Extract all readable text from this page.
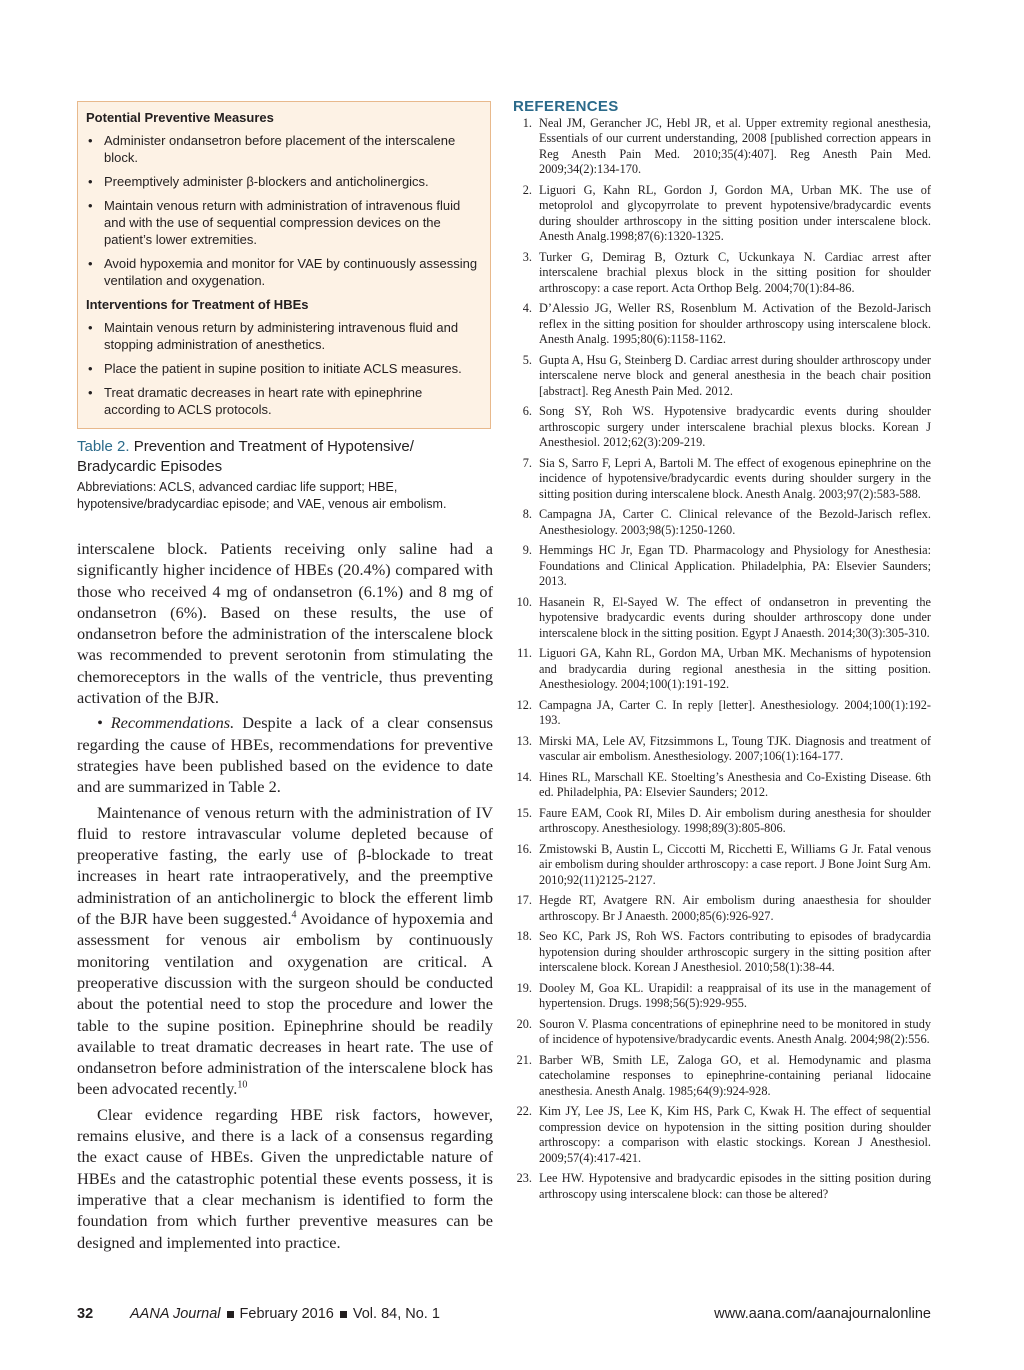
Potential Preventive Measures
• Administer ondansetron before placement of the interscalene block.
• Preemptively administer β-blockers and anticholinergics.
• Maintain venous return with administration of intravenous fluid and with the use of sequential compression devices on the patient’s lower extremities.
• Avoid hypoxemia and monitor for VAE by continuously assessing ventilation and oxygenation.
Interventions for Treatment of HBEs
• Maintain venous return by administering intravenous fluid and stopping administration of anesthetics.
• Place the patient in supine position to initiate ACLS measures.
• Treat dramatic decreases in heart rate with epinephrine according to ACLS protocols.
Table 2. Prevention and Treatment of Hypotensive/ Bradycardic Episodes
Abbreviations: ACLS, advanced cardiac life support; HBE, hypotensive/bradycardiac episode; and VAE, venous air embolism.

interscalene block. Patients receiving only saline had a significantly higher incidence of HBEs (20.4%) compared with those who received 4 mg of ondansetron (6.1%) and 8 mg of ondansetron (6%). Based on these results, the use of ondansetron before the administration of the interscalene block was recommended to prevent serotonin from stimulating the chemoreceptors in the walls of the ventricle, thus preventing activation of the BJR.

• Recommendations. Despite a lack of a clear consensus regarding the cause of HBEs, recommendations for preventive strategies have been published based on the evidence to date and are summarized in Table 2.

Maintenance of venous return with the administration of IV fluid to restore intravascular volume depleted because of preoperative fasting, the early use of β-blockade to treat increases in heart rate intraoperatively, and the preemptive administration of an anticholinergic to block the efferent limb of the BJR have been suggested.$^4$ Avoidance of hypoxemia and assessment for venous air embolism by continuously monitoring ventilation and oxygenation are critical. A preoperative discussion with the surgeon should be conducted about the potential need to stop the procedure and lower the table to the supine position. Epinephrine should be readily available to treat dramatic decreases in heart rate. The use of ondansetron before administration of the interscalene block has been advocated recently.$^{10}$

Clear evidence regarding HBE risk factors, however, remains elusive, and there is a lack of a consensus regarding the exact cause of HBEs. Given the unpredictable nature of HBEs and the catastrophic potential these events possess, it is imperative that a clear mechanism is identified to form the foundation from which further preventive measures can be designed and implemented into practice.

REFERENCES
1. Neal JM, Gerancher JC, Hebl JR, et al. Upper extremity regional anesthesia, Essentials of our current understanding, 2008 [published correction appears in Reg Anesth Pain Med. 2010;35(4):407]. Reg Anesth Pain Med. 2009;34(2):134-170.
2. Liguori G, Kahn RL, Gordon J, Gordon MA, Urban MK. The use of metoprolol and glycopyrrolate to prevent hypotensive/bradycardic events during shoulder arthroscopy in the sitting position under interscalene block. Anesth Analg.1998;87(6):1320-1325.
3. Turker G, Demirag B, Ozturk C, Uckunkaya N. Cardiac arrest after interscalene brachial plexus block in the sitting position for shoulder arthroscopy: a case report. Acta Orthop Belg. 2004;70(1):84-86.
4. D’Alessio JG, Weller RS, Rosenblum M. Activation of the Bezold-Jarisch reflex in the sitting position for shoulder arthroscopy using interscalene block. Anesth Analg. 1995;80(6):1158-1162.
5. Gupta A, Hsu G, Steinberg D. Cardiac arrest during shoulder arthroscopy under interscalene nerve block and general anesthesia in the beach chair position [abstract]. Reg Anesth Pain Med. 2012.
6. Song SY, Roh WS. Hypotensive bradycardic events during shoulder arthroscopic surgery under interscalene brachial plexus blocks. Korean J Anesthesiol. 2012;62(3):209-219.
7. Sia S, Sarro F, Lepri A, Bartoli M. The effect of exogenous epinephrine on the incidence of hypotensive/bradycardic events during shoulder surgery in the sitting position during interscalene block. Anesth Analg. 2003;97(2):583-588.
8. Campagna JA, Carter C. Clinical relevance of the Bezold-Jarisch reflex. Anesthesiology. 2003;98(5):1250-1260.
9. Hemmings HC Jr, Egan TD. Pharmacology and Physiology for Anesthesia: Foundations and Clinical Application. Philadelphia, PA: Elsevier Saunders; 2013.
10. Hasanein R, El-Sayed W. The effect of ondansetron in preventing the hypotensive bradycardic events during shoulder arthroscopy done under interscalene block in the sitting position. Egypt J Anaesth. 2014;30(3):305-310.
11. Liguori GA, Kahn RL, Gordon MA, Urban MK. Mechanisms of hypotension and bradycardia during regional anesthesia in the sitting position. Anesthesiology. 2004;100(1):191-192.
12. Campagna JA, Carter C. In reply [letter]. Anesthesiology. 2004;100(1):192-193.
13. Mirski MA, Lele AV, Fitzsimmons L, Toung TJK. Diagnosis and treatment of vascular air embolism. Anesthesiology. 2007;106(1):164-177.
14. Hines RL, Marschall KE. Stoelting’s Anesthesia and Co-Existing Disease. 6th ed. Philadelphia, PA: Elsevier Saunders; 2012.
15. Faure EAM, Cook RI, Miles D. Air embolism during anesthesia for shoulder arthroscopy. Anesthesiology. 1998;89(3):805-806.
16. Zmistowski B, Austin L, Ciccotti M, Ricchetti E, Williams G Jr. Fatal venous air embolism during shoulder arthroscopy: a case report. J Bone Joint Surg Am. 2010;92(11)2125-2127.
17. Hegde RT, Avatgere RN. Air embolism during anaesthesia for shoulder arthroscopy. Br J Anaesth. 2000;85(6):926-927.
18. Seo KC, Park JS, Roh WS. Factors contributing to episodes of bradycardia hypotension during shoulder arthroscopic surgery in the sitting position after interscalene block. Korean J Anesthesiol. 2010;58(1):38-44.
19. Dooley M, Goa KL. Urapidil: a reappraisal of its use in the management of hypertension. Drugs. 1998;56(5):929-955.
20. Souron V. Plasma concentrations of epinephrine need to be monitored in study of incidence of hypotensive/bradycardic events. Anesth Analg. 2004;98(2):556.
21. Barber WB, Smith LE, Zaloga GO, et al. Hemodynamic and plasma catecholamine responses to epinephrine-containing perianal lidocaine anesthesia. Anesth Analg. 1985;64(9):924-928.
22. Kim JY, Lee JS, Lee K, Kim HS, Park C, Kwak H. The effect of sequential compression device on hypotension in the sitting position during shoulder arthroscopy: a comparison with elastic stockings. Korean J Anesthesiol. 2009;57(4):417-421.
23. Lee HW. Hypotensive and bradycardic episodes in the sitting position during arthroscopy using interscalene block: can those be altered?
32	AANA Journal February 2016 Vol. 84, No. 1	www.aana.com/aanajournalonline
